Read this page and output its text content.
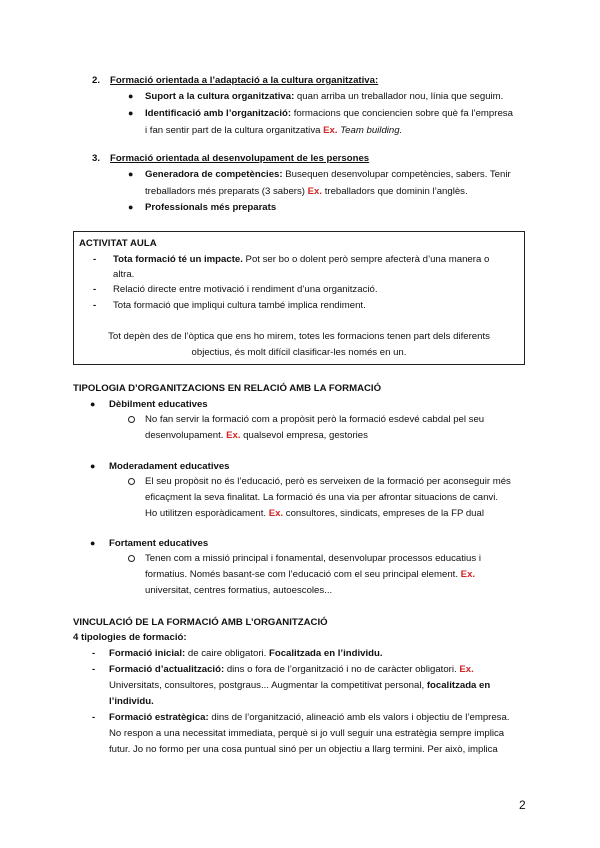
2. Formació orientada a l’adaptació a la cultura organitzativa:
● Suport a la cultura organitzativa: quan arriba un treballador nou, línia que seguim.
● Identificació amb l’organització: formacions que conciencien sobre què fa l’empresa
i fan sentir part de la cultura organitzativa Ex. Team building.
3. Formació orientada al desenvolupament de les persones
● Generadora de competències: Busequen desenvolupar competències, sabers. Tenir
treballadors més preparats (3 sabers) Ex. treballadors que dominin l’anglès.
● Professionals més preparats
ACTIVITAT AULA
- Tota formació té un impacte. Pot ser bo o dolent però sempre afecterà d’una manera o
altra.
- Relació directe entre motivació i rendiment d’una organització.
- Tota formació que impliqui cultura també implica rendiment.
Tot depèn des de l’òptica que ens ho mirem, totes les formacions tenen part dels diferents
objectius, és molt difícil clasificar-les només en un.
TIPOLOGIA D’ORGANITZACIONS EN RELACIÓ AMB LA FORMACIÓ
● Dèbilment educatives
No fan servir la formació com a propòsit però la formació esdevé cabdal pel seu
desenvolupament. Ex. qualsevol empresa, gestories
● Moderadament educatives
El seu propòsit no és l’educació, però es serveixen de la formació per aconseguir més
eficaçment la seva finalitat. La formació és una via per afrontar situacions de canvi.
Ho utilitzen esporàdicament. Ex. consultores, sindicats, empreses de la FP dual
● Fortament educatives
Tenen com a missió principal i fonamental, desenvolupar processos educatius i
formatius. Només basant-se com l’educació com el seu principal element. Ex.
universitat, centres formatius, autoescoles...
VINCULACIÓ DE LA FORMACIÓ AMB L’ORGANITZACIÓ
4 tipologies de formació:
- Formació inicial: de caire obligatori. Focalitzada en l’individu.
- Formació d’actualització: dins o fora de l’organització i no de caràcter obligatori. Ex.
Universitats, consultores, postgraus... Augmentar la competitivat personal, focalitzada en
l’individu.
- Formació estratègica: dins de l’organització, alineació amb els valors i objectiu de l’empresa.
No respon a una necessitat immediata, perquè si jo vull seguir una estratègia sempre implica
futur. Jo no formo per una cosa puntual sinó per un objectiu a llarg termini. Per això, implica
2
